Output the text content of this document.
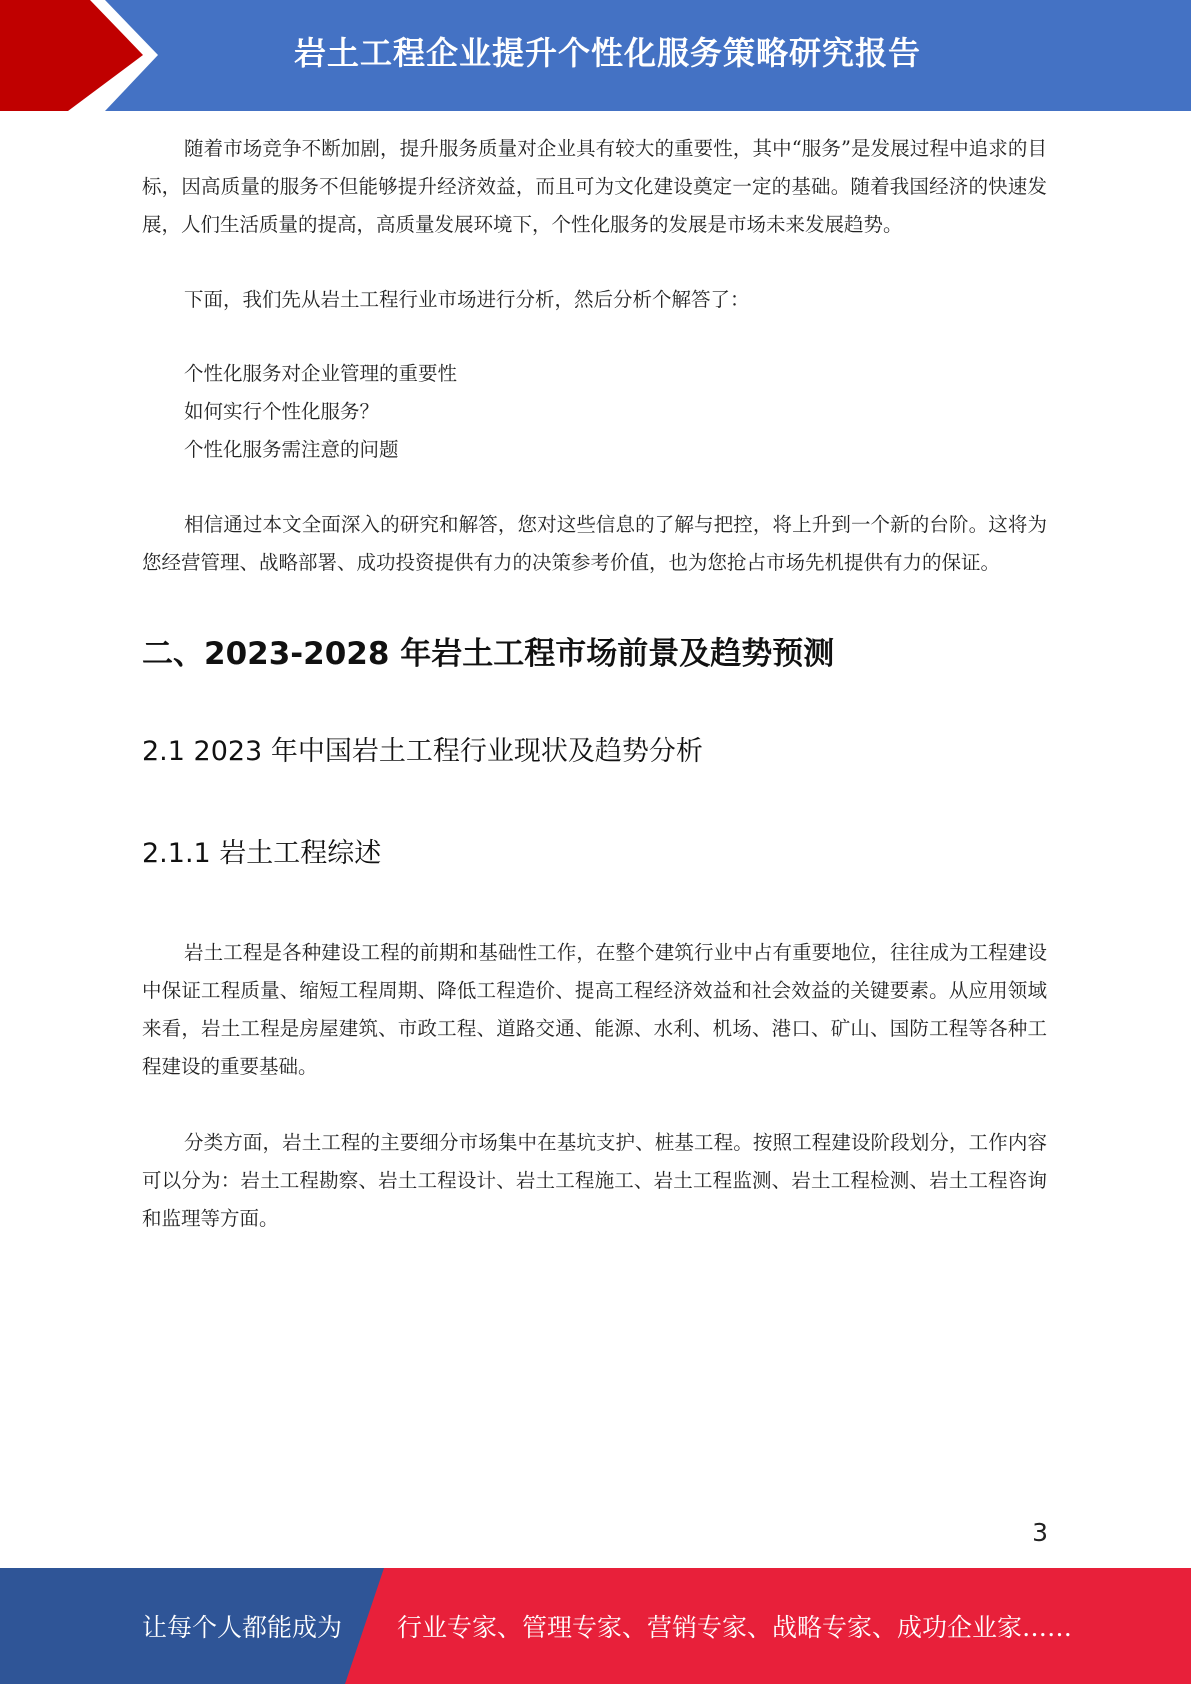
岩土工程企业提升个性化服务策略研究报告

随着市场竞争不断加剧，提升服务质量对企业具有较大的重要性，其中“服务”是发展过程中追求的目标，因高质量的服务不但能够提升经济效益，而且可为文化建设奠定一定的基础。随着我国经济的快速发展，人们生活质量的提高，高质量发展环境下，个性化服务的发展是市场未来发展趋势。

下面，我们先从岩土工程行业市场进行分析，然后分析个解答了：

个性化服务对企业管理的重要性
如何实行个性化服务？
个性化服务需注意的问题

相信通过本文全面深入的研究和解答，您对这些信息的了解与把控，将上升到一个新的台阶。这将为您经营管理、战略部署、成功投资提供有力的决策参考价值，也为您抢占市场先机提供有力的保证。

二、2023-2028 年岩土工程市场前景及趋势预测
2.1 2023 年中国岩土工程行业现状及趋势分析
2.1.1 岩土工程综述

岩土工程是各种建设工程的前期和基础性工作，在整个建筑行业中占有重要地位，往往成为工程建设中保证工程质量、缩短工程周期、降低工程造价、提高工程经济效益和社会效益的关键要素。从应用领域来看，岩土工程是房屋建筑、市政工程、道路交通、能源、水利、机场、港口、矿山、国防工程等各种工程建设的重要基础。

分类方面，岩土工程的主要细分市场集中在基坑支护、桩基工程。按照工程建设阶段划分，工作内容可以分为：岩土工程勘察、岩土工程设计、岩土工程施工、岩土工程监测、岩土工程检测、岩土工程咨询和监理等方面。

3
让每个人都能成为 行业专家、管理专家、营销专家、战略专家、成功企业家……
